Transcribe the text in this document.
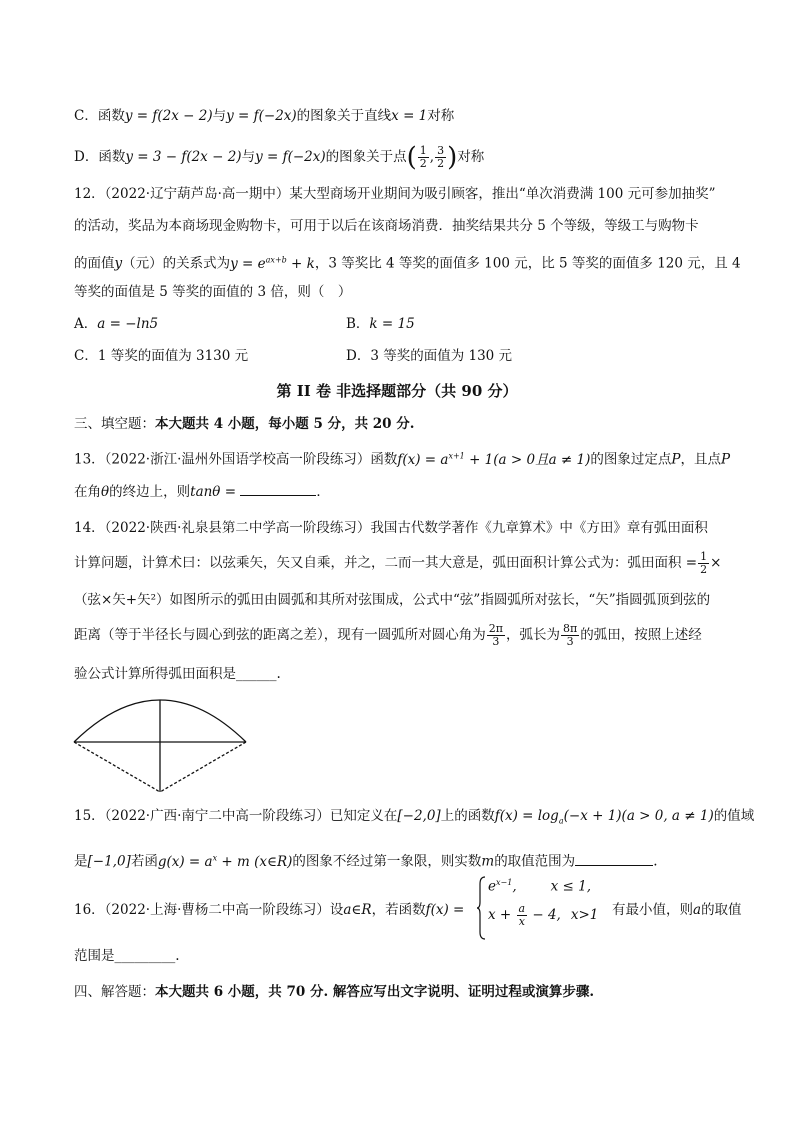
C．函数y = f(2x − 2)与y = f(−2x)的图象关于直线x = 1对称
D．函数y = 3 − f(2x − 2)与y = f(−2x)的图象关于点( $\frac{1}{2}$ , $\frac{3}{2}$ )对称
12．（2022·辽宁葫芦岛·高一期中）某大型商场开业期间为吸引顾客，推出“单次消费满 100 元可参加抽奖”
的活动，奖品为本商场现金购物卡，可用于以后在该商场消费．抽奖结果共分 5 个等级，等级工与购物卡
的面值y（元）的关系式为$y = e^{ax+b} + k$，3 等奖比 4 等奖的面值多 100 元，比 5 等奖的面值多 120 元，且 4
等奖的面值是 5 等奖的面值的 3 倍，则（　）
A．a = −ln5	B．k = 15
C．1 等奖的面值为 3130 元	D．3 等奖的面值为 130 元
第 II 卷 非选择题部分（共 90 分）
三、填空题：本大题共 4 小题，每小题 5 分，共 20 分.
13．（2022·浙江·温州外国语学校高一阶段练习）函数$f(x) = a^{x+1} + 1(a > 0$且a ≠ 1)的图象过定点P，且点P
在角θ的终边上，则tanθ =	．
14．（2022·陕西·礼泉县第二中学高一阶段练习）我国古代数学著作《九章算术》中《方田》章有弧田面积
计算问题，计算术曰：以弦乘矢，矢又自乘，并之，二而一其大意是，弧田面积计算公式为：弧田面积 = $\frac{1}{2}$ ×
（弦×矢+矢²）如图所示的弧田由圆弧和其所对弦围成，公式中“弦”指圆弧所对弦长，“矢”指圆弧顶到弦的
距离（等于半径长与圆心到弦的距离之差），现有一圆弧所对圆心角为 $\frac{2\pi}{3}$ ，弧长为 $\frac{8\pi}{3}$ 的弧田，按照上述经
验公式计算所得弧田面积是______.
15．（2022·广西·南宁二中高一阶段练习）已知定义在[−2,0]上的函数$f(x) = \log_a(-x + 1)(a > 0$, a ≠ 1)的值域
是[−1,0]若函$g(x) = a^x + m$ (x∈R)的图象不经过第一象限，则实数m的取值范围为	.
16．（2022·上海·曹杨二中高一阶段练习）设a∈R，若函数f(x) =
$e^{x-1}$,	x ≤ 1,
$x + \frac{a}{x} - 4$, x>1 有最小值，则a的取值
范围是_________.
四、解答题：本大题共 6 小题，共 70 分. 解答应写出文字说明、证明过程或演算步骤.
